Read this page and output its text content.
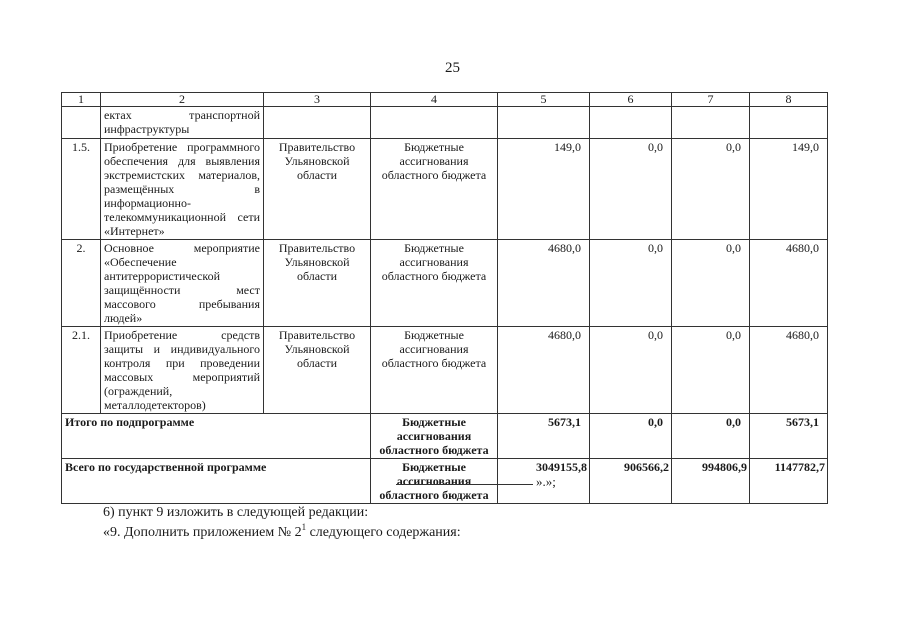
25
1	2	3	4	5	6	7	8
	ектах транспортной инфраструктуры						
1.5.	Приобретение программного обеспечения для выявления экстремистских материалов, размещённых в информационно-телекоммуникационной сети «Интернет»	Правительство Ульяновской области	Бюджетные ассигнования областного бюджета	149,0	0,0	0,0	149,0
2.	Основное мероприятие «Обеспечение антитеррористической защищённости мест массового пребывания людей»	Правительство Ульяновской области	Бюджетные ассигнования областного бюджета	4680,0	0,0	0,0	4680,0
2.1.	Приобретение средств защиты и индивидуального контроля при проведении массовых мероприятий (ограждений, металлодетекторов)	Правительство Ульяновской области	Бюджетные ассигнования областного бюджета	4680,0	0,0	0,0	4680,0
Итого по подпрограмме			Бюджетные ассигнования областного бюджета	5673,1	0,0	0,0	5673,1
Всего по государственной программе			Бюджетные ассигнования областного бюджета	3049155,8	906566,2	994806,9	1147782,7
».»;
6) пункт 9 изложить в следующей редакции:
«9. Дополнить приложением № $2^1$ следующего содержания:
